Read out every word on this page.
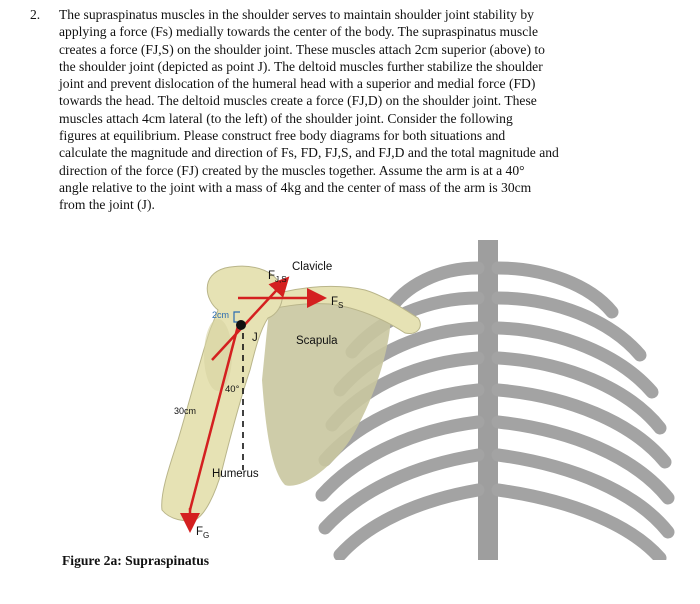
2. The supraspinatus muscles in the shoulder serves to maintain shoulder joint stability by
applying a force (Fs) medially towards the center of the body. The supraspinatus muscle
creates a force (FJ,S) on the shoulder joint. These muscles attach 2cm superior (above) to
the shoulder joint (depicted as point J). The deltoid muscles further stabilize the shoulder
joint and prevent dislocation of the humeral head with a superior and medial force (FD)
towards the head. The deltoid muscles create a force (FJ,D) on the shoulder joint. These
muscles attach 4cm lateral (to the left) of the shoulder joint. Consider the following
figures at equilibrium. Please construct free body diagrams for both situations and
calculate the magnitude and direction of Fs, FD, FJ,S, and FJ,D and the total magnitude and
direction of the force (FJ) created by the muscles together. Assume the arm is at a 40°
angle relative to the joint with a mass of 4kg and the center of mass of the arm is 30cm
from the joint (J).
Clavicle
$F_{J,S}$
$F_S$
Scapula
2cm
J
40°
30cm
Humerus
$F_G$
Figure 2a: Supraspinatus
